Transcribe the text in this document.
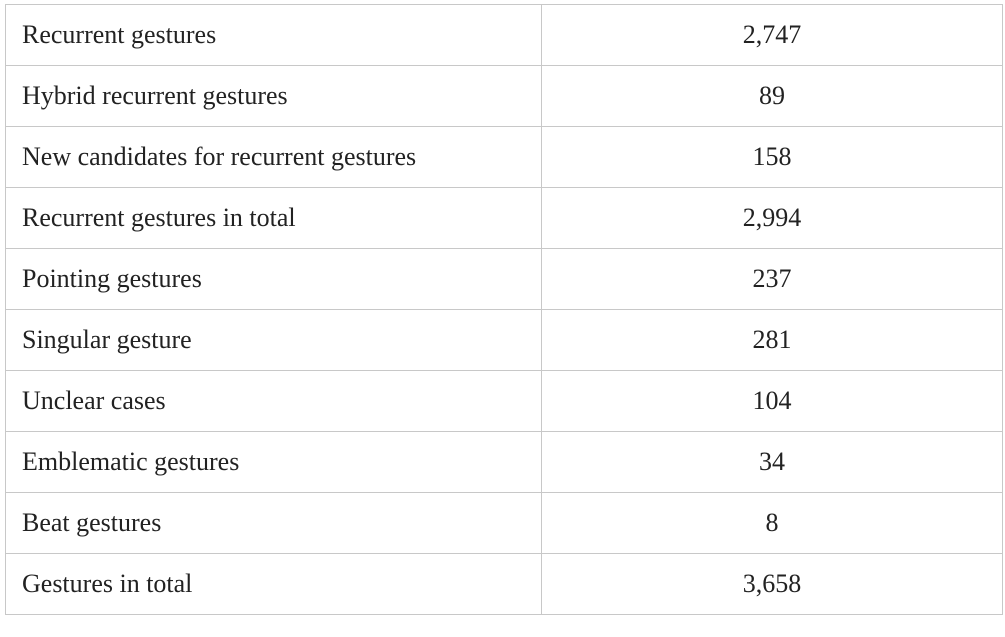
Recurrent gestures	2,747
Hybrid recurrent gestures	89
New candidates for recurrent gestures	158
Recurrent gestures in total	2,994
Pointing gestures	237
Singular gesture	281
Unclear cases	104
Emblematic gestures	34
Beat gestures	8
Gestures in total	3,658
